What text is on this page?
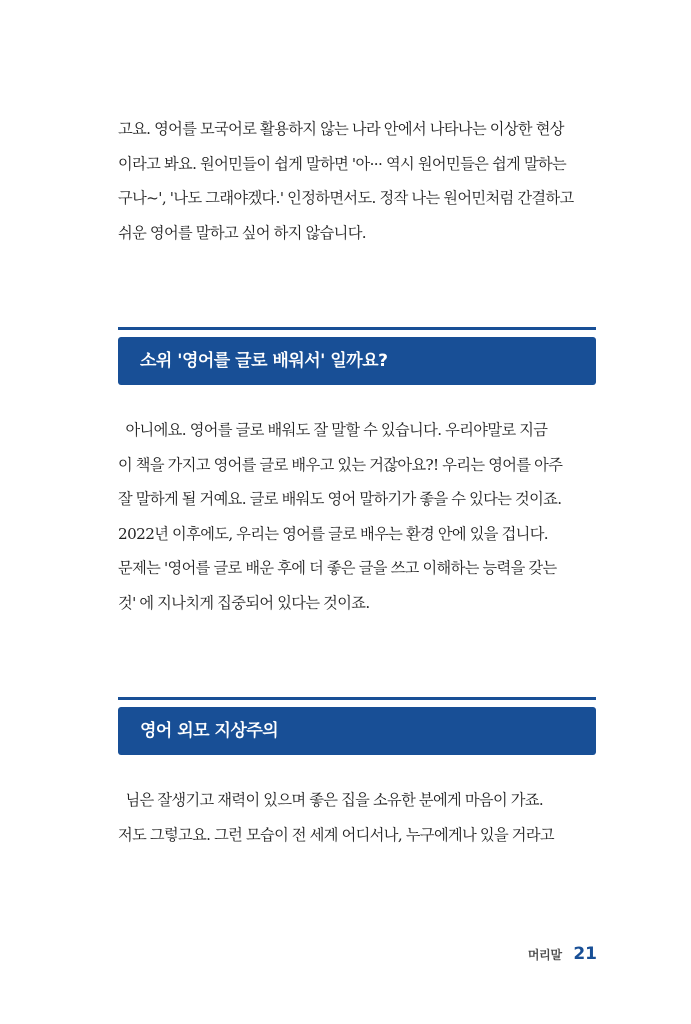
고요. 영어를 모국어로 활용하지 않는 나라 안에서 나타나는 이상한 현상
이라고 봐요. 원어민들이 쉽게 말하면 '아··· 역시 원어민들은 쉽게 말하는
구나~', '나도 그래야겠다.' 인정하면서도. 정작 나는 원어민처럼 간결하고
쉬운 영어를 말하고 싶어 하지 않습니다.
소위 '영어를 글로 배워서' 일까요?
아니에요. 영어를 글로 배워도 잘 말할 수 있습니다. 우리야말로 지금
이 책을 가지고 영어를 글로 배우고 있는 거잖아요?! 우리는 영어를 아주
잘 말하게 될 거예요. 글로 배워도 영어 말하기가 좋을 수 있다는 것이죠.
2022년 이후에도, 우리는 영어를 글로 배우는 환경 안에 있을 겁니다.
문제는 '영어를 글로 배운 후에 더 좋은 글을 쓰고 이해하는 능력을 갖는
것' 에 지나치게 집중되어 있다는 것이죠.
영어 외모 지상주의
님은 잘생기고 재력이 있으며 좋은 집을 소유한 분에게 마음이 가죠.
저도 그렇고요. 그런 모습이 전 세계 어디서나, 누구에게나 있을 거라고
머리말 21
